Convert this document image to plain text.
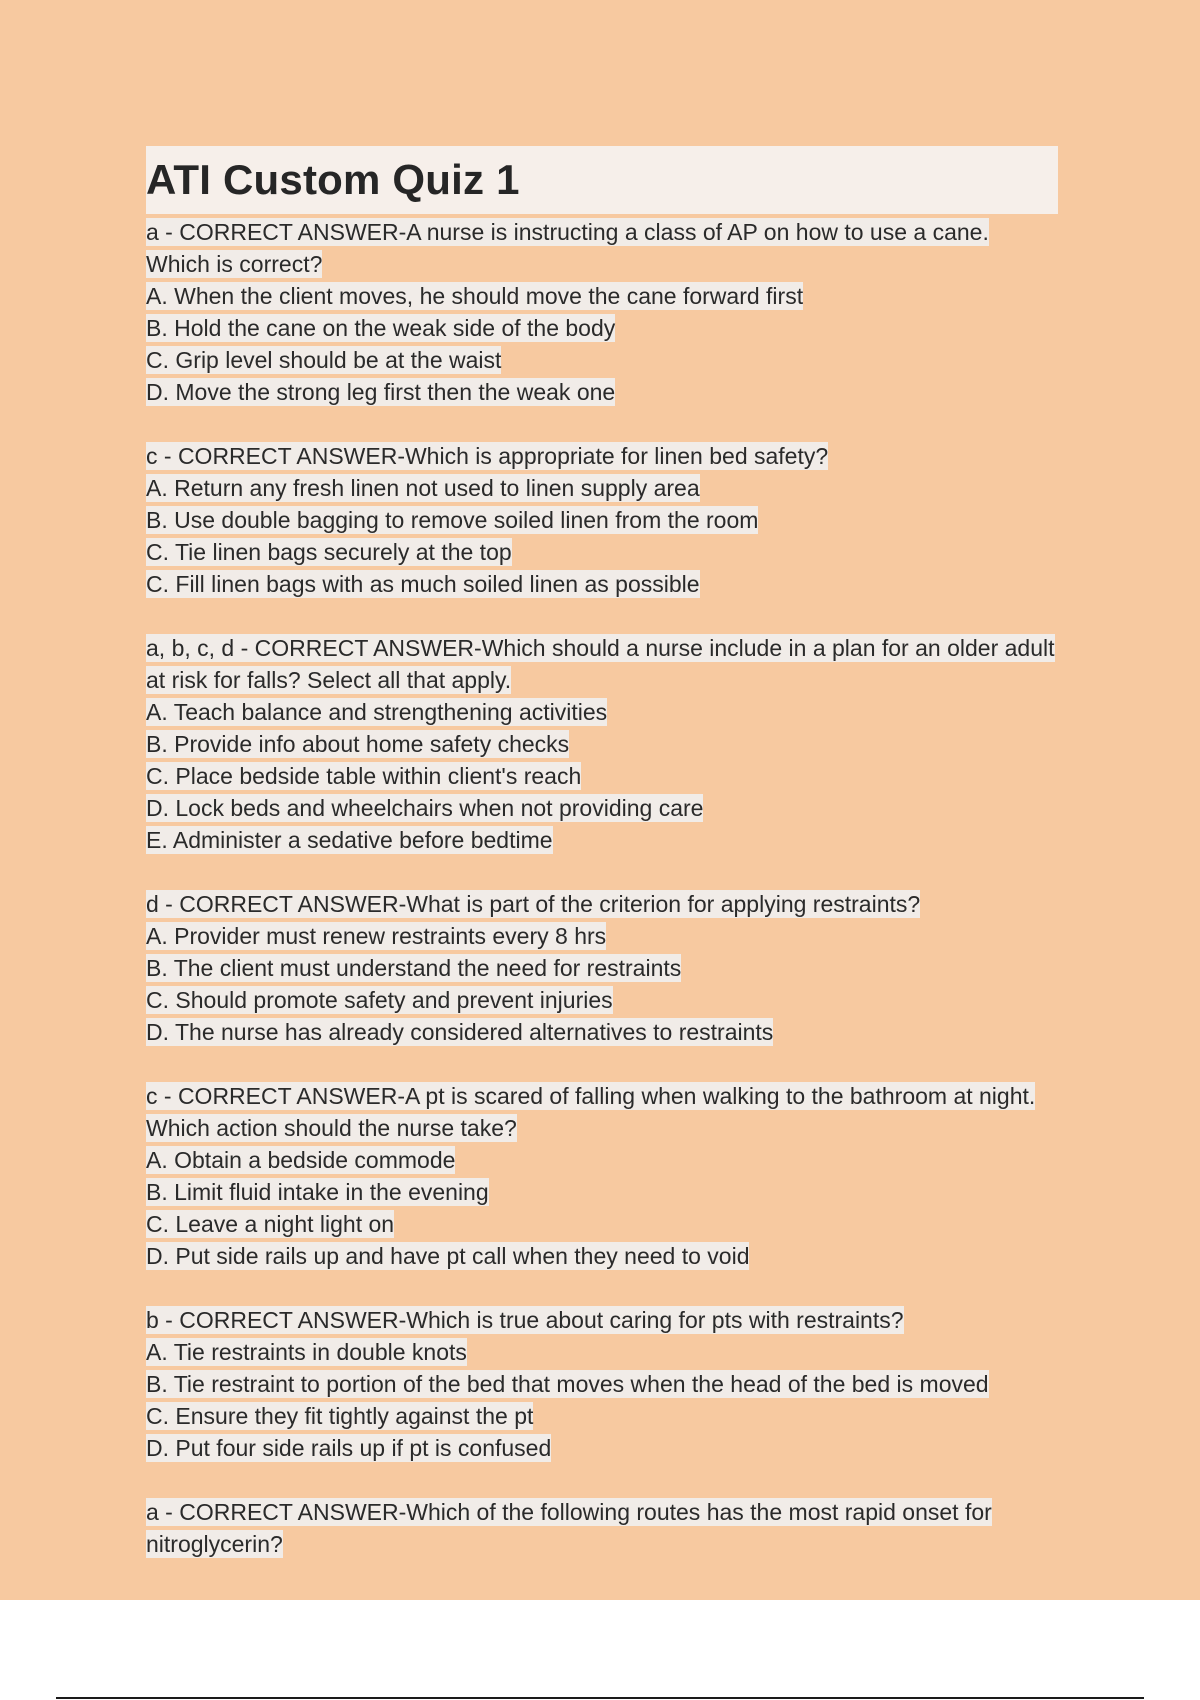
ATI Custom Quiz 1
a - CORRECT ANSWER-A nurse is instructing a class of AP on how to use a cane. Which is correct?
A. When the client moves, he should move the cane forward first
B. Hold the cane on the weak side of the body
C. Grip level should be at the waist
D. Move the strong leg first then the weak one
c - CORRECT ANSWER-Which is appropriate for linen bed safety?
A. Return any fresh linen not used to linen supply area
B. Use double bagging to remove soiled linen from the room
C. Tie linen bags securely at the top
C. Fill linen bags with as much soiled linen as possible
a, b, c, d - CORRECT ANSWER-Which should a nurse include in a plan for an older adult at risk for falls? Select all that apply.
A. Teach balance and strengthening activities
B. Provide info about home safety checks
C. Place bedside table within client's reach
D. Lock beds and wheelchairs when not providing care
E. Administer a sedative before bedtime
d - CORRECT ANSWER-What is part of the criterion for applying restraints?
A. Provider must renew restraints every 8 hrs
B. The client must understand the need for restraints
C. Should promote safety and prevent injuries
D. The nurse has already considered alternatives to restraints
c - CORRECT ANSWER-A pt is scared of falling when walking to the bathroom at night. Which action should the nurse take?
A. Obtain a bedside commode
B. Limit fluid intake in the evening
C. Leave a night light on
D. Put side rails up and have pt call when they need to void
b - CORRECT ANSWER-Which is true about caring for pts with restraints?
A. Tie restraints in double knots
B. Tie restraint to portion of the bed that moves when the head of the bed is moved
C. Ensure they fit tightly against the pt
D. Put four side rails up if pt is confused
a - CORRECT ANSWER-Which of the following routes has the most rapid onset for nitroglycerin?
